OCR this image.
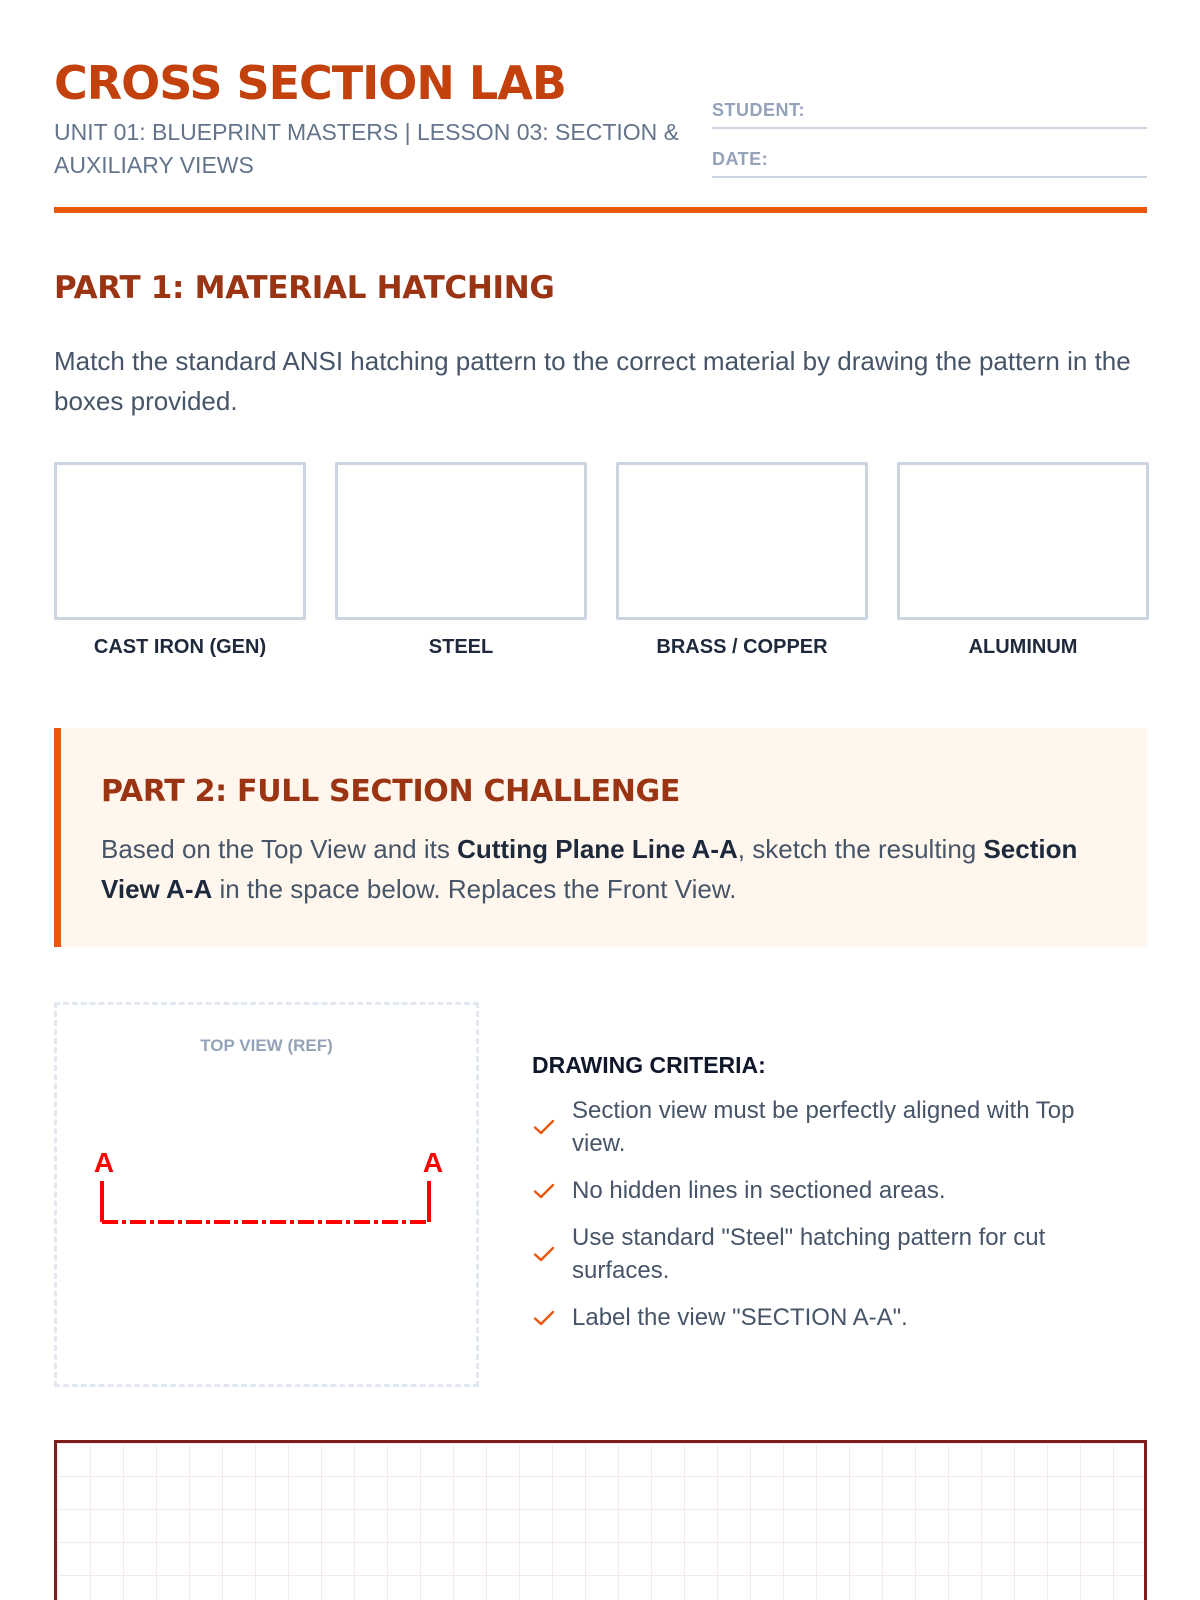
CROSS SECTION LAB
UNIT 01: BLUEPRINT MASTERS | LESSON 03: SECTION & AUXILIARY VIEWS
STUDENT:
DATE:
PART 1: MATERIAL HATCHING
Match the standard ANSI hatching pattern to the correct material by drawing the pattern in the boxes provided.
CAST IRON (GEN)	STEEL	BRASS / COPPER	ALUMINUM
PART 2: FULL SECTION CHALLENGE
Based on the Top View and its Cutting Plane Line A-A, sketch the resulting Section View A-A in the space below. Replaces the Front View.
TOP VIEW (REF)
A	A
DRAWING CRITERIA:
Section view must be perfectly aligned with Top view.
No hidden lines in sectioned areas.
Use standard "Steel" hatching pattern for cut surfaces.
Label the view "SECTION A-A".
